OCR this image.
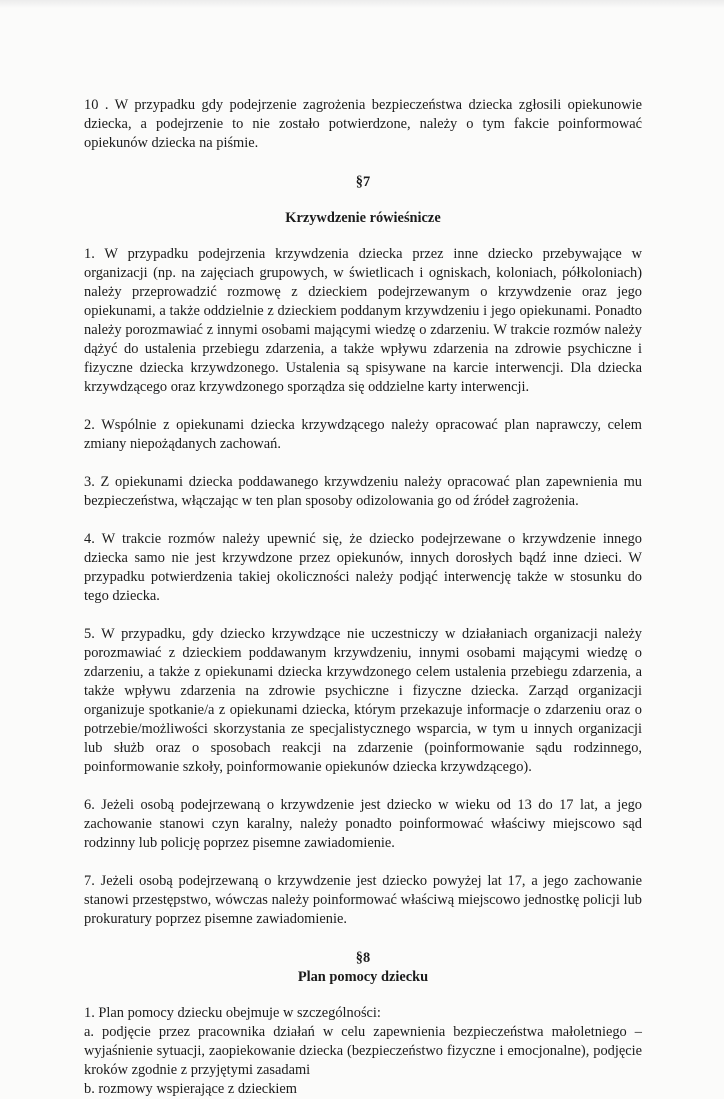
10 . W przypadku gdy podejrzenie zagrożenia bezpieczeństwa dziecka zgłosili opiekunowie dziecka, a podejrzenie to nie zostało potwierdzone, należy o tym fakcie poinformować opiekunów dziecka na piśmie.

§7

Krzywdzenie rówieśnicze

1. W przypadku podejrzenia krzywdzenia dziecka przez inne dziecko przebywające w organizacji (np. na zajęciach grupowych, w świetlicach i ogniskach, koloniach, półkoloniach) należy przeprowadzić rozmowę z dzieckiem podejrzewanym o krzywdzenie oraz jego opiekunami, a także oddzielnie z dzieckiem poddanym krzywdzeniu i jego opiekunami. Ponadto należy porozmawiać z innymi osobami mającymi wiedzę o zdarzeniu. W trakcie rozmów należy dążyć do ustalenia przebiegu zdarzenia, a także wpływu zdarzenia na zdrowie psychiczne i fizyczne dziecka krzywdzonego. Ustalenia są spisywane na karcie interwencji. Dla dziecka krzywdzącego oraz krzywdzonego sporządza się oddzielne karty interwencji.

2. Wspólnie z opiekunami dziecka krzywdzącego należy opracować plan naprawczy, celem zmiany niepożądanych zachowań.

3. Z opiekunami dziecka poddawanego krzywdzeniu należy opracować plan zapewnienia mu bezpieczeństwa, włączając w ten plan sposoby odizolowania go od źródeł zagrożenia.

4. W trakcie rozmów należy upewnić się, że dziecko podejrzewane o krzywdzenie innego dziecka samo nie jest krzywdzone przez opiekunów, innych dorosłych bądź inne dzieci. W przypadku potwierdzenia takiej okoliczności należy podjąć interwencję także w stosunku do tego dziecka.

5. W przypadku, gdy dziecko krzywdzące nie uczestniczy w działaniach organizacji należy porozmawiać z dzieckiem poddawanym krzywdzeniu, innymi osobami mającymi wiedzę o zdarzeniu, a także z opiekunami dziecka krzywdzonego celem ustalenia przebiegu zdarzenia, a także wpływu zdarzenia na zdrowie psychiczne i fizyczne dziecka. Zarząd organizacji organizuje spotkanie/a z opiekunami dziecka, którym przekazuje informacje o zdarzeniu oraz o potrzebie/możliwości skorzystania ze specjalistycznego wsparcia, w tym u innych organizacji lub służb oraz o sposobach reakcji na zdarzenie (poinformowanie sądu rodzinnego, poinformowanie szkoły, poinformowanie opiekunów dziecka krzywdzącego).

6. Jeżeli osobą podejrzewaną o krzywdzenie jest dziecko w wieku od 13 do 17 lat, a jego zachowanie stanowi czyn karalny, należy ponadto poinformować właściwy miejscowo sąd rodzinny lub policję poprzez pisemne zawiadomienie.

7. Jeżeli osobą podejrzewaną o krzywdzenie jest dziecko powyżej lat 17, a jego zachowanie stanowi przestępstwo, wówczas należy poinformować właściwą miejscowo jednostkę policji lub prokuratury poprzez pisemne zawiadomienie.

§8

Plan pomocy dziecku

1. Plan pomocy dziecku obejmuje w szczególności:

a. podjęcie przez pracownika działań w celu zapewnienia bezpieczeństwa małoletniego – wyjaśnienie sytuacji, zaopiekowanie dziecka (bezpieczeństwo fizyczne i emocjonalne), podjęcie kroków zgodnie z przyjętymi zasadami

b. rozmowy wspierające z dzieckiem
